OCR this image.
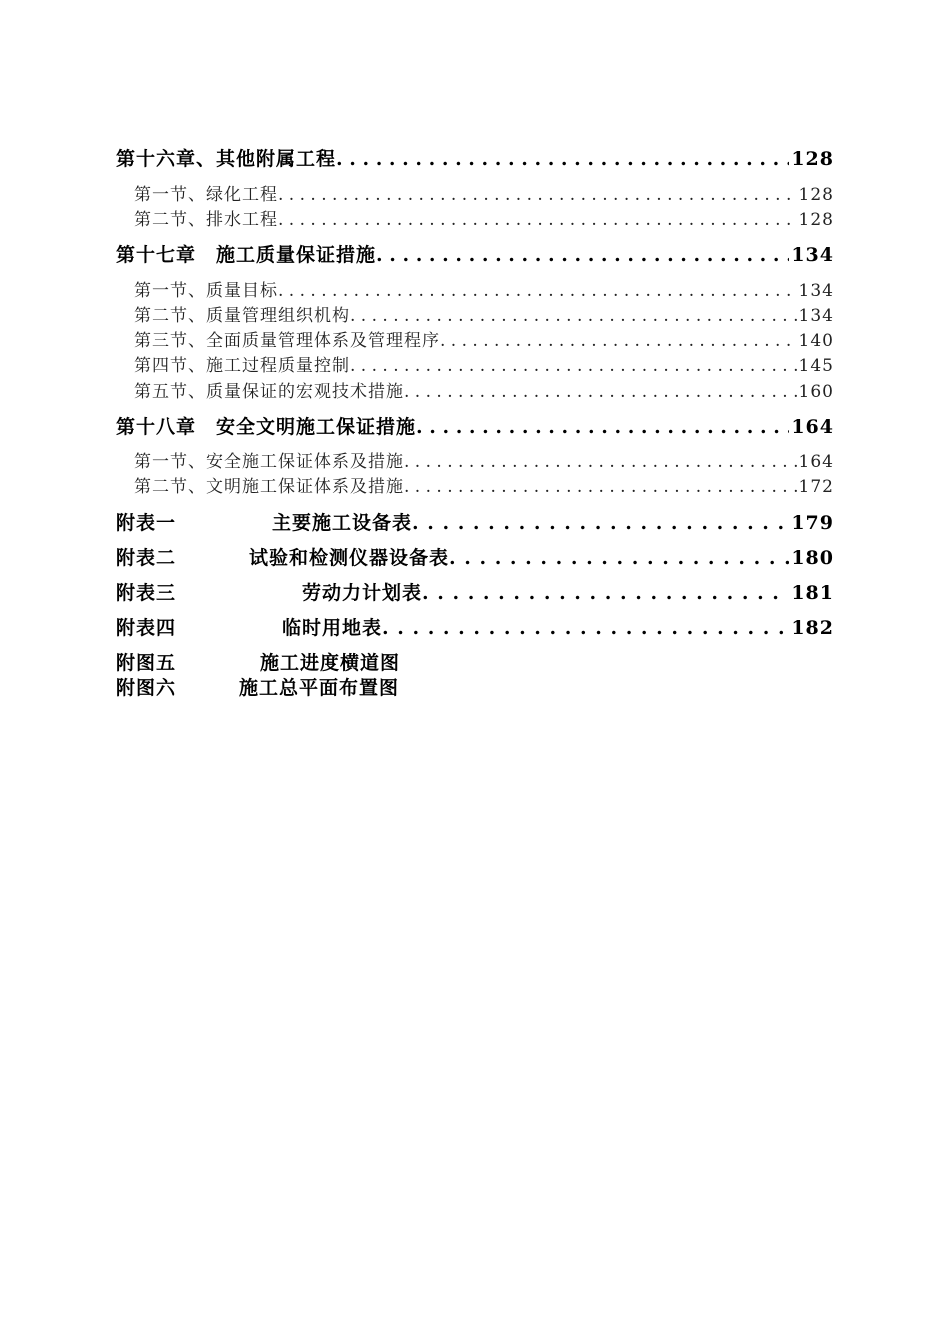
第十六章、其他附属工程 . . .	128
第一节、绿化工程 . . .	128
第二节、排水工程 . . .	128
第十七章　施工质量保证措施 . . .	134
第一节、质量目标 . . .	134
第二节、质量管理组织机构 . . .	134
第三节、全面质量管理体系及管理程序 . . .	140
第四节、施工过程质量控制 . . .	145
第五节、质量保证的宏观技术措施 . . .	160
第十八章　安全文明施工保证措施 . . .	164
第一节、安全施工保证体系及措施 . . .	164
第二节、文明施工保证体系及措施 . . .	172
附表一	主要施工设备表 . . .	179
附表二	试验和检测仪器设备表 . . .	180
附表三	劳动力计划表 . . .	181
附表四	临时用地表 . . .	182
附图五	施工进度横道图
附图六	施工总平面布置图
